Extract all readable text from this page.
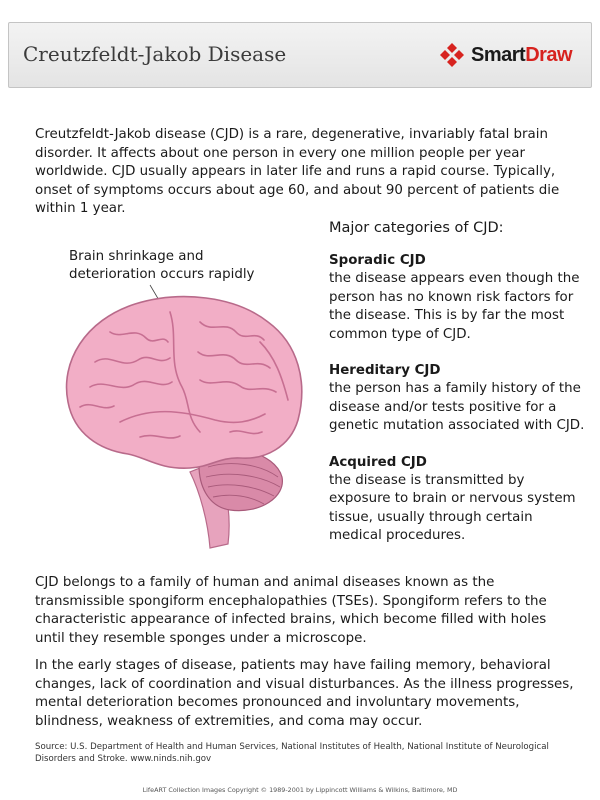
Creutzfeldt-Jakob Disease	SmartDraw

Creutzfeldt-Jakob disease (CJD) is a rare, degenerative, invariably fatal brain disorder. It affects about one person in every one million people per year worldwide. CJD usually appears in later life and runs a rapid course. Typically, onset of symptoms occurs about age 60, and about 90 percent of patients die within 1 year.

Brain shrinkage and deterioration occurs rapidly
Major categories of CJD:
Sporadic CJD
the disease appears even though the person has no known risk factors for the disease. This is by far the most common type of CJD.
Hereditary CJD
the person has a family history of the disease and/or tests positive for a genetic mutation associated with CJD.
Acquired CJD
the disease is transmitted by exposure to brain or nervous system tissue, usually through certain medical procedures.

CJD belongs to a family of human and animal diseases known as the transmissible spongiform encephalopathies (TSEs). Spongiform refers to the characteristic appearance of infected brains, which become filled with holes until they resemble sponges under a microscope.

In the early stages of disease, patients may have failing memory, behavioral changes, lack of coordination and visual disturbances. As the illness progresses, mental deterioration becomes pronounced and involuntary movements, blindness, weakness of extremities, and coma may occur.

Source: U.S. Department of Health and Human Services, National Institutes of Health, National Institute of Neurological Disorders and Stroke. www.ninds.nih.gov
LifeART Collection Images Copyright © 1989-2001 by Lippincott Williams & Wilkins, Baltimore, MD
